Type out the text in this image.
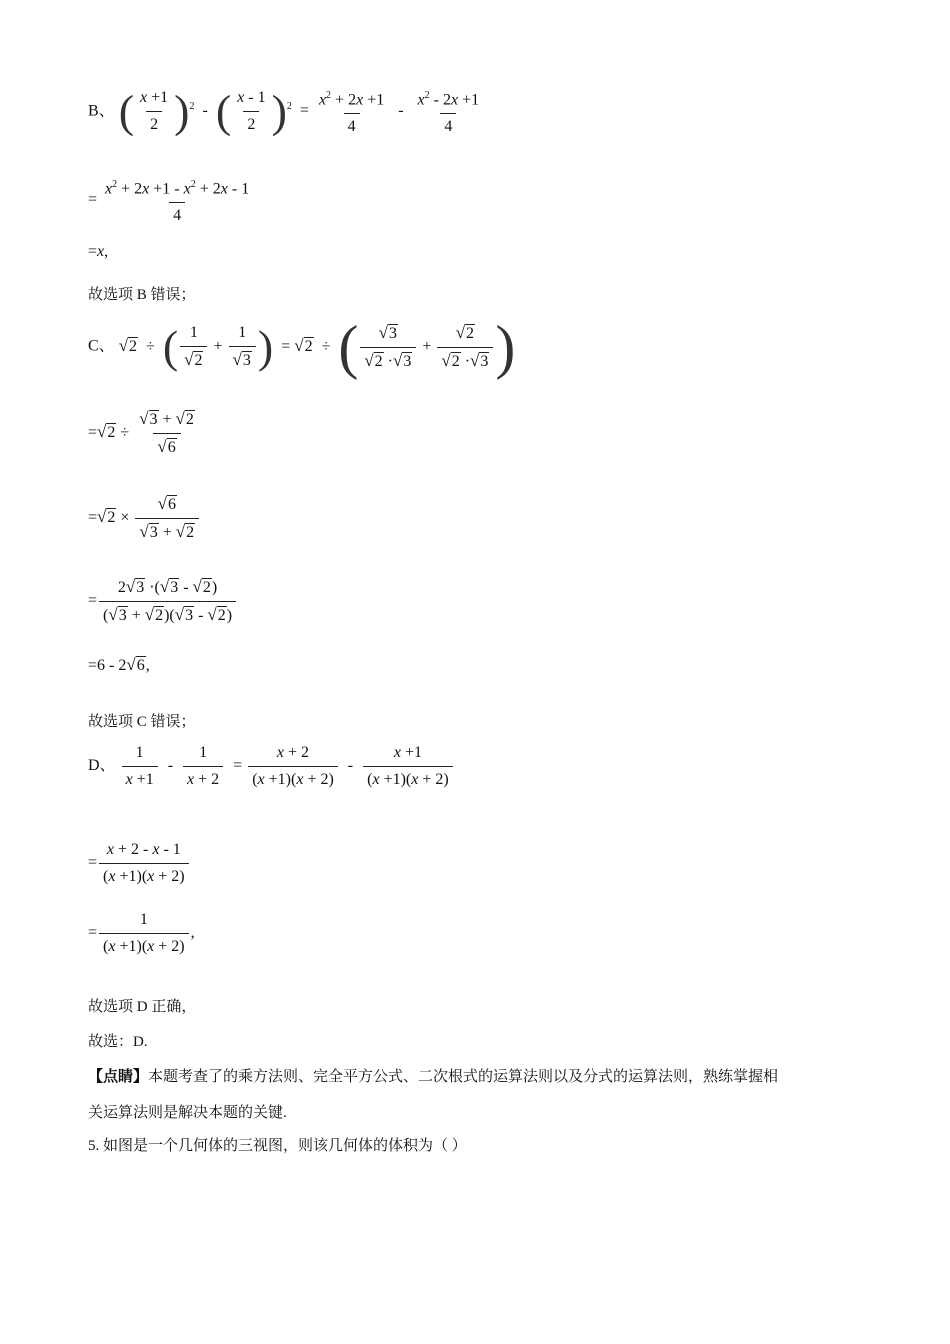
B、 ( $\frac{x +1}{2} )^2$ - ( $\frac{x - 1}{2} )^2 = \frac{x^2 + 2x +1}{4} - \frac{x^2 - 2x +1}{4}$
= $\frac{x^2 + 2x +1 - x^2 + 2x - 1}{4}$
=x,
故选项 B 错误；
C、 √2 ÷ ( $\frac{1}{√2} + \frac{1}{√3}$ ) = √2 ÷ ( $\frac{√3}{√2 \cdot√3} + \frac{√2}{√2 \cdot√3}$ )
$=√2 \div \frac{√3 + √2}{√6}$
$=√2 \times \frac{√6}{√3 + √2}$
= $\frac{2√3 \cdot(√3 - √2)}{(√3 + √2)(√3 - √2)}$
=6 - 2√6,
故选项 C 错误；
D、 $\frac{1}{x +1} - \frac{1}{x + 2} = \frac{x + 2}{(x +1)(x + 2)} - \frac{x +1}{(x +1)(x + 2)}$
= $\frac{x + 2 - x - 1}{(x +1)(x + 2)}$
= $\frac{1}{(x +1)(x + 2)}$ ,
故选项 D 正确，
故选：D.
【点睛】本题考查了的乘方法则、完全平方公式、二次根式的运算法则以及分式的运算法则，熟练掌握相
关运算法则是解决本题的关键.
5. 如图是一个几何体的三视图，则该几何体的体积为（ ）
